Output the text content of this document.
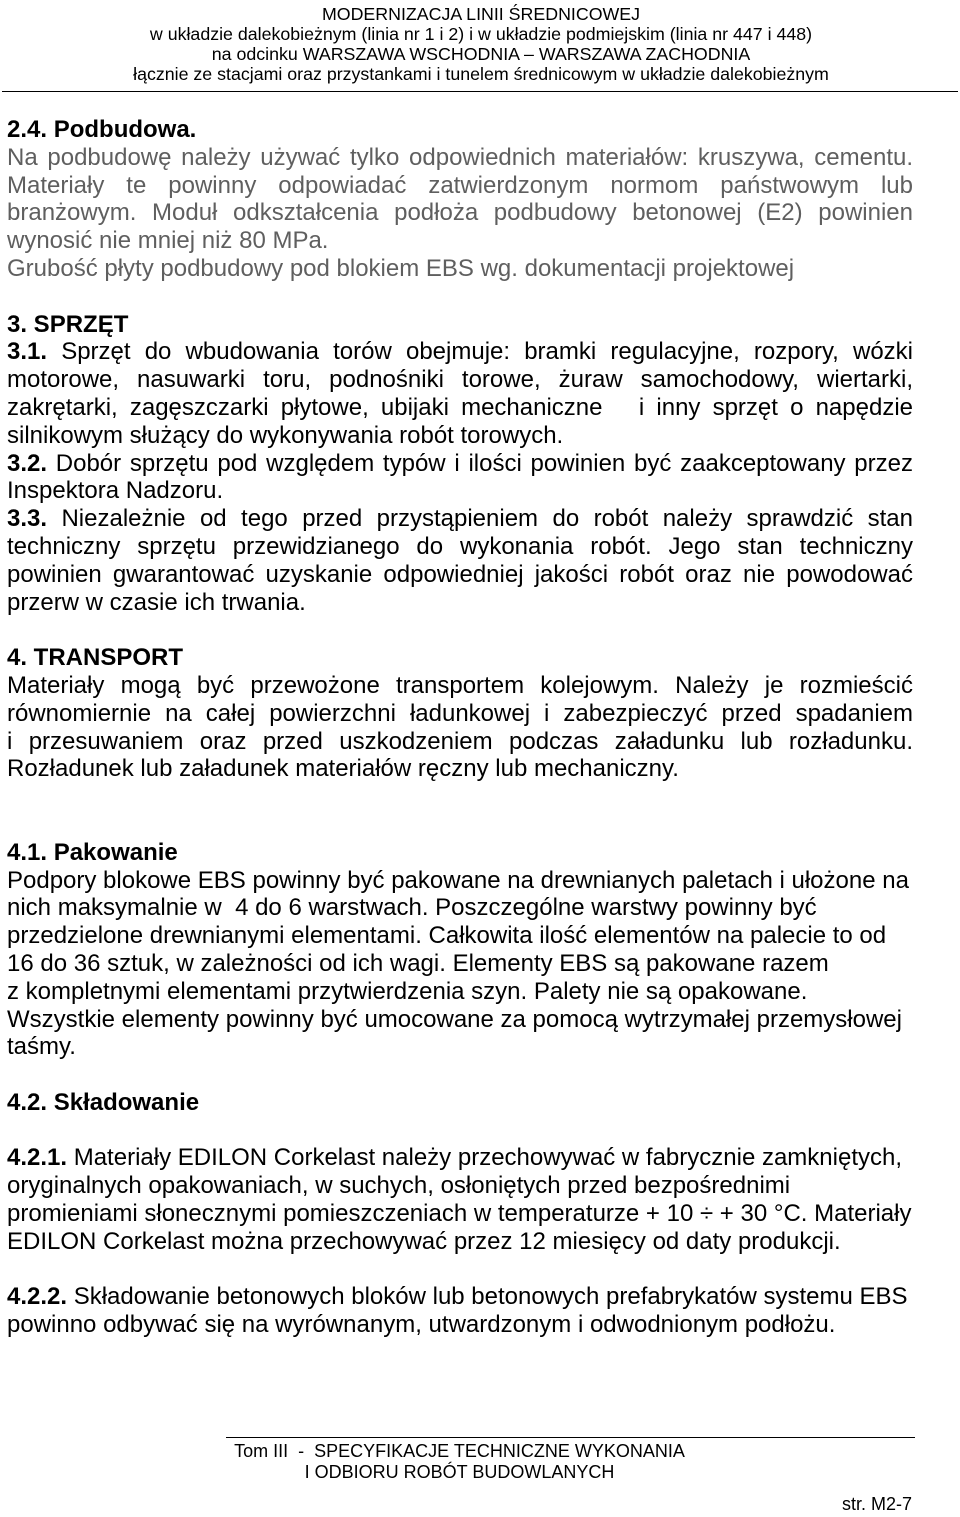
MODERNIZACJA LINII ŚREDNICOWEJ
w układzie dalekobieżnym (linia nr 1 i 2) i w układzie podmiejskim (linia nr 447 i 448)
na odcinku WARSZAWA WSCHODNIA – WARSZAWA ZACHODNIA
łącznie ze stacjami oraz przystankami i tunelem średnicowym w układzie dalekobieżnym
2.4. Podbudowa.
Na podbudowę należy używać tylko odpowiednich materiałów: kruszywa, cementu.
Materiały te powinny odpowiadać zatwierdzonym normom państwowym lub
branżowym. Moduł odkształcenia podłoża podbudowy betonowej (E2) powinien
wynosić nie mniej niż 80 MPa.
Grubość płyty podbudowy pod blokiem EBS wg. dokumentacji projektowej
3. SPRZĘT
3.1. Sprzęt do wbudowania torów obejmuje: bramki regulacyjne, rozpory, wózki
motorowe, nasuwarki toru, podnośniki torowe, żuraw samochodowy, wiertarki,
zakrętarki, zagęszczarki płytowe, ubijaki mechaniczne   i inny sprzęt o napędzie
silnikowym służący do wykonywania robót torowych.
3.2. Dobór sprzętu pod względem typów i ilości powinien być zaakceptowany przez
Inspektora Nadzoru.
3.3. Niezależnie od tego przed przystąpieniem do robót należy sprawdzić stan
techniczny sprzętu przewidzianego do wykonania robót. Jego stan techniczny
powinien gwarantować uzyskanie odpowiedniej jakości robót oraz nie powodować
przerw w czasie ich trwania.
4. TRANSPORT
Materiały mogą być przewożone transportem kolejowym. Należy je rozmieścić
równomiernie na całej powierzchni ładunkowej i zabezpieczyć przed spadaniem
i przesuwaniem oraz przed uszkodzeniem podczas załadunku lub rozładunku.
Rozładunek lub załadunek materiałów ręczny lub mechaniczny.
4.1. Pakowanie
Podpory blokowe EBS powinny być pakowane na drewnianych paletach i ułożone na
nich maksymalnie w  4 do 6 warstwach. Poszczególne warstwy powinny być
przedzielone drewnianymi elementami. Całkowita ilość elementów na palecie to od
16 do 36 sztuk, w zależności od ich wagi. Elementy EBS są pakowane razem
z kompletnymi elementami przytwierdzenia szyn. Palety nie są opakowane.
Wszystkie elementy powinny być umocowane za pomocą wytrzymałej przemysłowej
taśmy.
4.2. Składowanie
4.2.1. Materiały EDILON Corkelast należy przechowywać w fabrycznie zamkniętych,
oryginalnych opakowaniach, w suchych, osłoniętych przed bezpośrednimi
promieniami słonecznymi pomieszczeniach w temperaturze + 10 ÷ + 30 °C. Materiały
EDILON Corkelast można przechowywać przez 12 miesięcy od daty produkcji.
4.2.2. Składowanie betonowych bloków lub betonowych prefabrykatów systemu EBS
powinno odbywać się na wyrównanym, utwardzonym i odwodnionym podłożu.
Tom III  -  SPECYFIKACJE TECHNICZNE WYKONANIA
I ODBIORU ROBÓT BUDOWLANYCH
str. M2-7
